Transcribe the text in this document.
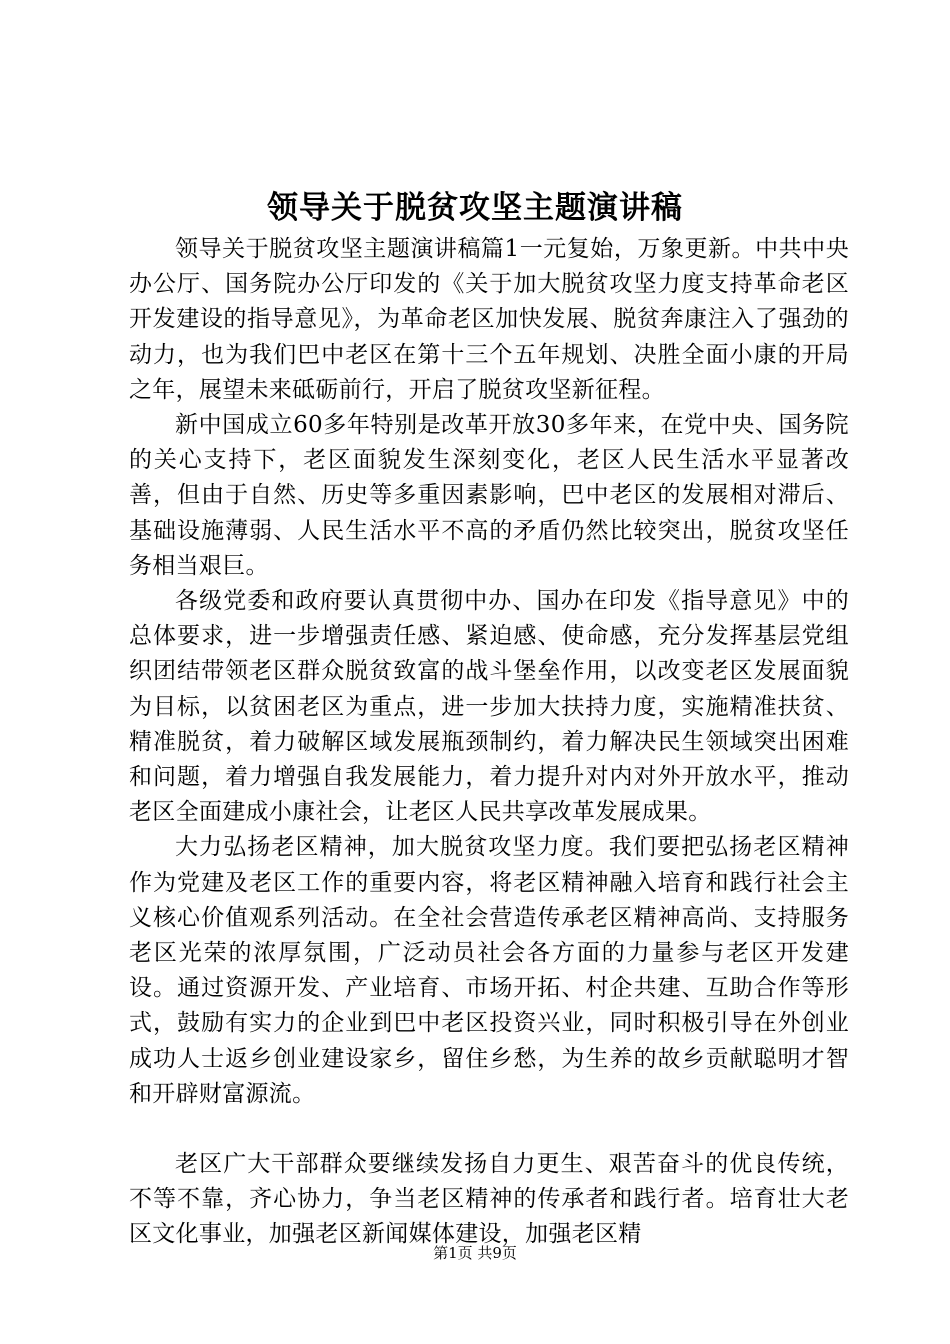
领导关于脱贫攻坚主题演讲稿

领导关于脱贫攻坚主题演讲稿篇1一元复始，万象更新。中共中央办公厅、国务院办公厅印发的《关于加大脱贫攻坚力度支持革命老区开发建设的指导意见》，为革命老区加快发展、脱贫奔康注入了强劲的动力，也为我们巴中老区在第十三个五年规划、决胜全面小康的开局之年，展望未来砥砺前行，开启了脱贫攻坚新征程。

新中国成立60多年特别是改革开放30多年来，在党中央、国务院的关心支持下，老区面貌发生深刻变化，老区人民生活水平显著改善，但由于自然、历史等多重因素影响，巴中老区的发展相对滞后、基础设施薄弱、人民生活水平不高的矛盾仍然比较突出，脱贫攻坚任务相当艰巨。

各级党委和政府要认真贯彻中办、国办在印发《指导意见》中的总体要求，进一步增强责任感、紧迫感、使命感，充分发挥基层党组织团结带领老区群众脱贫致富的战斗堡垒作用，以改变老区发展面貌为目标，以贫困老区为重点，进一步加大扶持力度，实施精准扶贫、精准脱贫，着力破解区域发展瓶颈制约，着力解决民生领域突出困难和问题，着力增强自我发展能力，着力提升对内对外开放水平，推动老区全面建成小康社会，让老区人民共享改革发展成果。

大力弘扬老区精神，加大脱贫攻坚力度。我们要把弘扬老区精神作为党建及老区工作的重要内容，将老区精神融入培育和践行社会主义核心价值观系列活动。在全社会营造传承老区精神高尚、支持服务老区光荣的浓厚氛围，广泛动员社会各方面的力量参与老区开发建设。通过资源开发、产业培育、市场开拓、村企共建、互助合作等形式，鼓励有实力的企业到巴中老区投资兴业，同时积极引导在外创业成功人士返乡创业建设家乡，留住乡愁，为生养的故乡贡献聪明才智和开辟财富源流。

老区广大干部群众要继续发扬自力更生、艰苦奋斗的优良传统，不等不靠，齐心协力，争当老区精神的传承者和践行者。培育壮大老区文化事业，加强老区新闻媒体建设，加强老区精

第1页 共9页
